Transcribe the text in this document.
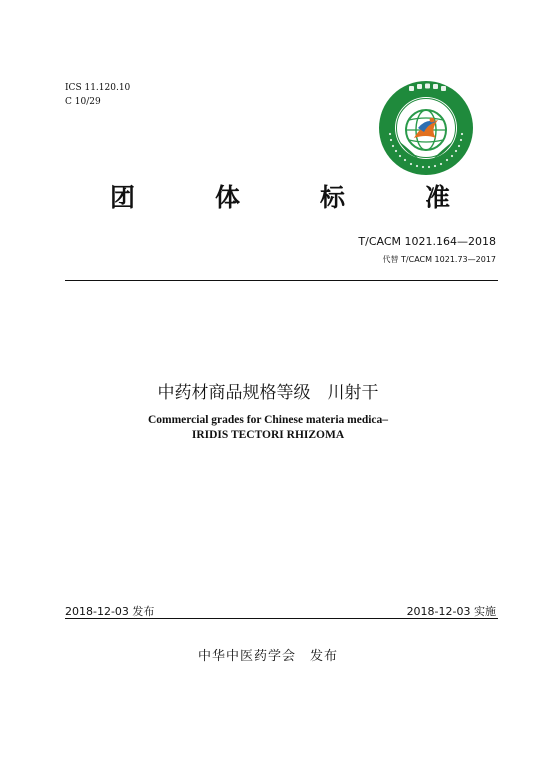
ICS 11.120.10
C 10/29
团	体	标	准
T/CACM 1021.164—2018
代替 T/CACM 1021.73—2017
中药材商品规格等级　川射干
Commercial grades for Chinese materia medica–
IRIDIS TECTORI RHIZOMA
2018-12-03 发布	2018-12-03 实施
中华中医药学会　发布
